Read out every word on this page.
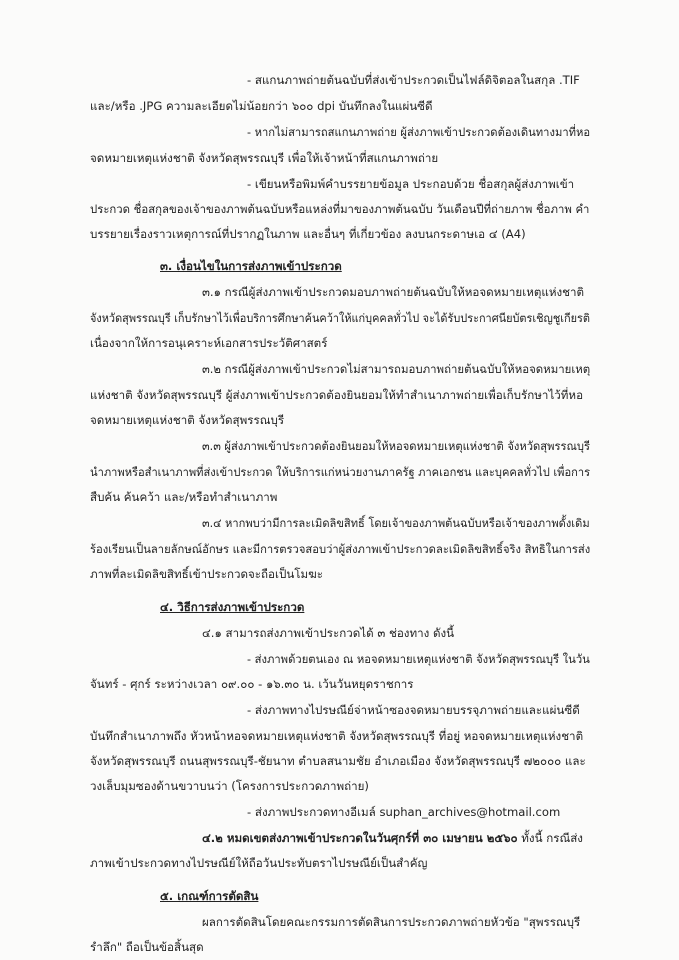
- สแกนภาพถ่ายต้นฉบับที่ส่งเข้าประกวดเป็นไฟล์ดิจิตอลในสกุล .TIF
และ/หรือ .JPG ความละเอียดไม่น้อยกว่า ๖๐๐ dpi บันทึกลงในแผ่นซีดี
- หากไม่สามารถสแกนภาพถ่าย ผู้ส่งภาพเข้าประกวดต้องเดินทางมาที่หอ
จดหมายเหตุแห่งชาติ จังหวัดสุพรรณบุรี เพื่อให้เจ้าหน้าที่สแกนภาพถ่าย
- เขียนหรือพิมพ์คำบรรยายข้อมูล ประกอบด้วย ชื่อสกุลผู้ส่งภาพเข้า
ประกวด ชื่อสกุลของเจ้าของภาพต้นฉบับหรือแหล่งที่มาของภาพต้นฉบับ วันเดือนปีที่ถ่ายภาพ ชื่อภาพ คำ
บรรยายเรื่องราวเหตุการณ์ที่ปรากฏในภาพ และอื่นๆ ที่เกี่ยวข้อง ลงบนกระดาษเอ ๔ (A4)
๓. เงื่อนไขในการส่งภาพเข้าประกวด
๓.๑ กรณีผู้ส่งภาพเข้าประกวดมอบภาพถ่ายต้นฉบับให้หอจดหมายเหตุแห่งชาติ
จังหวัดสุพรรณบุรี เก็บรักษาไว้เพื่อบริการศึกษาค้นคว้าให้แก่บุคคลทั่วไป จะได้รับประกาศนียบัตรเชิญชูเกียรติ
เนื่องจากให้การอนุเคราะห์เอกสารประวัติศาสตร์
๓.๒ กรณีผู้ส่งภาพเข้าประกวดไม่สามารถมอบภาพถ่ายต้นฉบับให้หอจดหมายเหตุ
แห่งชาติ จังหวัดสุพรรณบุรี ผู้ส่งภาพเข้าประกวดต้องยินยอมให้ทำสำเนาภาพถ่ายเพื่อเก็บรักษาไว้ที่หอ
จดหมายเหตุแห่งชาติ จังหวัดสุพรรณบุรี
๓.๓ ผู้ส่งภาพเข้าประกวดต้องยินยอมให้หอจดหมายเหตุแห่งชาติ จังหวัดสุพรรณบุรี
นำภาพหรือสำเนาภาพที่ส่งเข้าประกวด ให้บริการแก่หน่วยงานภาครัฐ ภาคเอกชน และบุคคลทั่วไป เพื่อการ
สืบค้น ค้นคว้า และ/หรือทำสำเนาภาพ
๓.๔ หากพบว่ามีการละเมิดลิขสิทธิ์ โดยเจ้าของภาพต้นฉบับหรือเจ้าของภาพดั้งเดิม
ร้องเรียนเป็นลายลักษณ์อักษร และมีการตรวจสอบว่าผู้ส่งภาพเข้าประกวดละเมิดลิขสิทธิ์จริง สิทธิในการส่ง
ภาพที่ละเมิดลิขสิทธิ์เข้าประกวดจะถือเป็นโมฆะ
๔. วิธีการส่งภาพเข้าประกวด
๔.๑ สามารถส่งภาพเข้าประกวดได้ ๓ ช่องทาง ดังนี้
- ส่งภาพด้วยตนเอง ณ หอจดหมายเหตุแห่งชาติ จังหวัดสุพรรณบุรี ในวัน
จันทร์ - ศุกร์ ระหว่างเวลา ๐๙.๐๐ - ๑๖.๓๐ น. เว้นวันหยุดราชการ
- ส่งภาพทางไปรษณีย์จ่าหน้าซองจดหมายบรรจุภาพถ่ายและแผ่นซีดี
บันทึกสำเนาภาพถึง หัวหน้าหอจดหมายเหตุแห่งชาติ จังหวัดสุพรรณบุรี ที่อยู่ หอจดหมายเหตุแห่งชาติ
จังหวัดสุพรรณบุรี ถนนสุพรรณบุรี-ชัยนาท ตำบลสนามชัย อำเภอเมือง จังหวัดสุพรรณบุรี ๗๒๐๐๐ และ
วงเล็บมุมซองด้านขวาบนว่า (โครงการประกวดภาพถ่าย)
- ส่งภาพประกวดทางอีเมล์ suphan_archives@hotmail.com
๔.๒ หมดเขตส่งภาพเข้าประกวดในวันศุกร์ที่ ๓๐ เมษายน ๒๕๖๐ ทั้งนี้ กรณีส่ง
ภาพเข้าประกวดทางไปรษณีย์ให้ถือวันประทับตราไปรษณีย์เป็นสำคัญ
๕. เกณฑ์การตัดสิน
ผลการตัดสินโดยคณะกรรมการตัดสินการประกวดภาพถ่ายหัวข้อ "สุพรรณบุรี
รำลึก" ถือเป็นข้อสิ้นสุด
